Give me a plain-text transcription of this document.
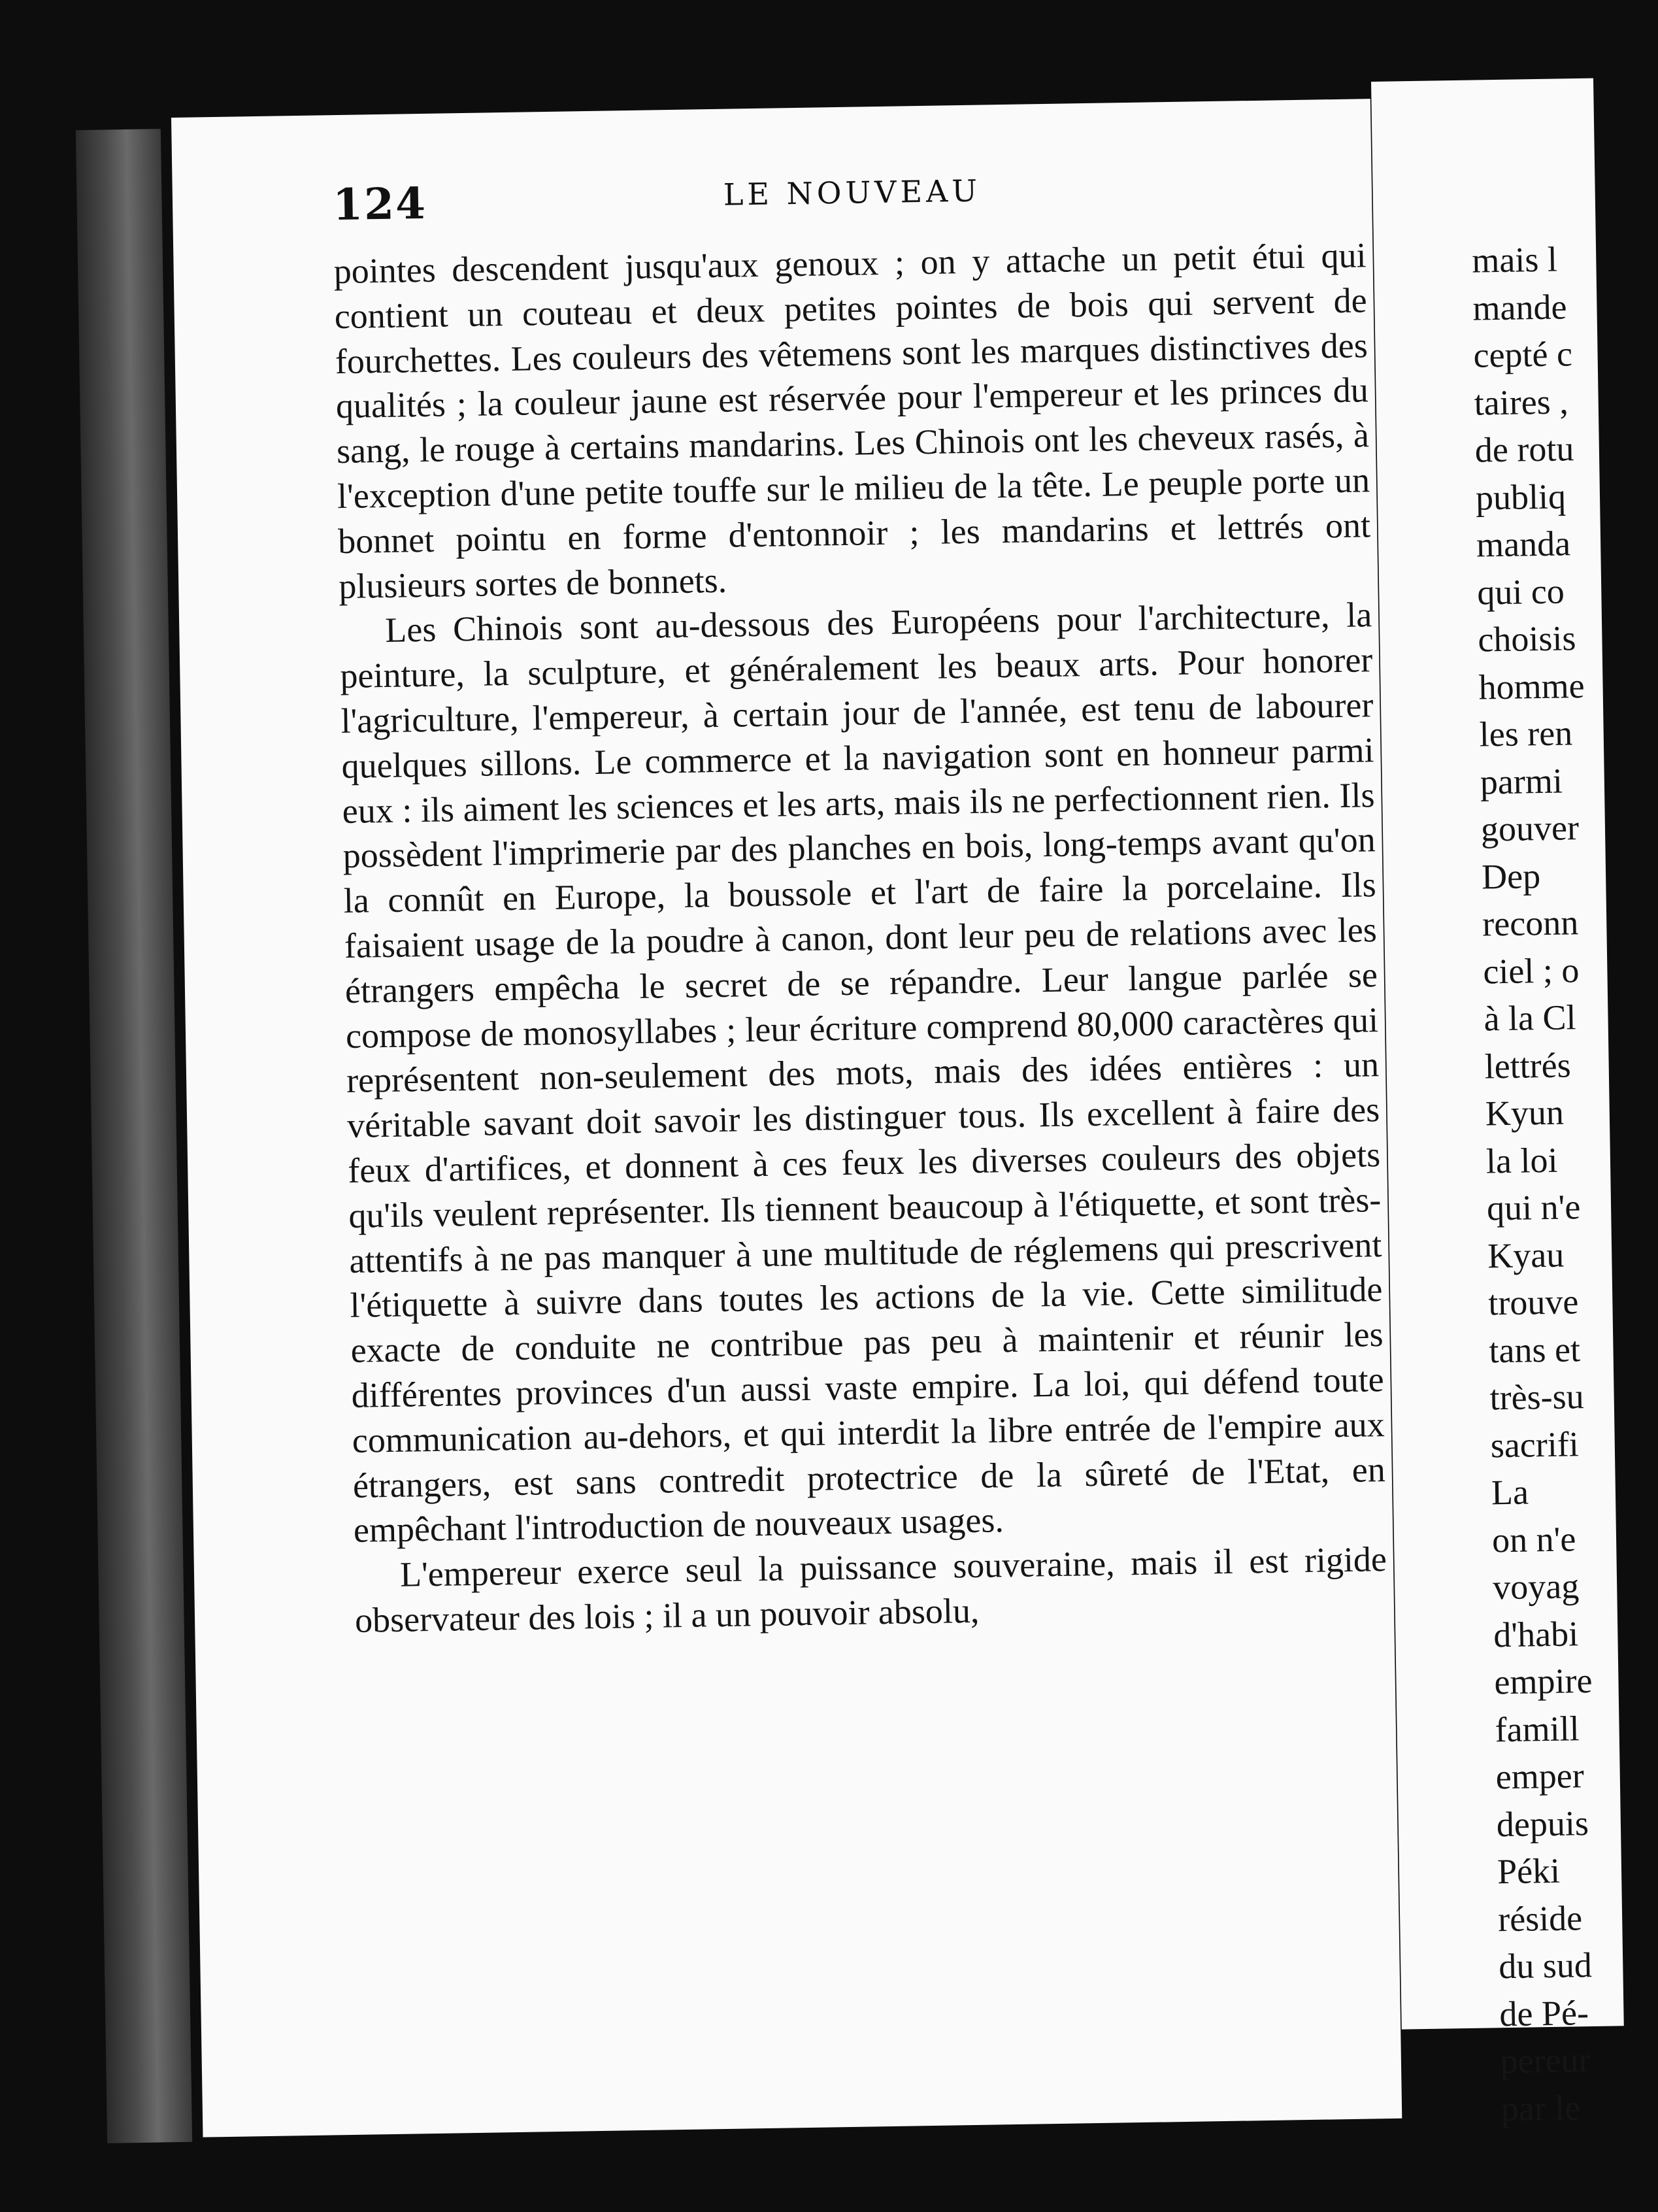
124	LE NOUVEAU

pointes descendent jusqu'aux genoux ; on y attache un petit étui qui contient un couteau et deux petites pointes de bois qui servent de fourchettes. Les couleurs des vêtemens sont les marques distinctives des qualités ; la couleur jaune est réservée pour l'empereur et les princes du sang, le rouge à certains mandarins. Les Chinois ont les cheveux rasés, à l'exception d'une petite touffe sur le milieu de la tête. Le peuple porte un bonnet pointu en forme d'entonnoir ; les mandarins et lettrés ont plusieurs sortes de bonnets.

Les Chinois sont au-dessous des Européens pour l'architecture, la peinture, la sculpture, et généralement les beaux arts. Pour honorer l'agriculture, l'empereur, à certain jour de l'année, est tenu de labourer quelques sillons. Le commerce et la navigation sont en honneur parmi eux : ils aiment les sciences et les arts, mais ils ne perfectionnent rien. Ils possèdent l'imprimerie par des planches en bois, long-temps avant qu'on la connût en Europe, la boussole et l'art de faire la porcelaine. Ils faisaient usage de la poudre à canon, dont leur peu de relations avec les étrangers empêcha le secret de se répandre. Leur langue parlée se compose de monosyllabes ; leur écriture comprend 80,000 caractères qui représentent non-seulement des mots, mais des idées entières : un véritable savant doit savoir les distinguer tous. Ils excellent à faire des feux d'artifices, et donnent à ces feux les diverses couleurs des objets qu'ils veulent représenter. Ils tiennent beaucoup à l'étiquette, et sont très-attentifs à ne pas manquer à une multitude de réglemens qui prescrivent l'étiquette à suivre dans toutes les actions de la vie. Cette similitude exacte de conduite ne contribue pas peu à maintenir et réunir les différentes provinces d'un aussi vaste empire. La loi, qui défend toute communication au-dehors, et qui interdit la libre entrée de l'empire aux étrangers, est sans contredit protectrice de la sûreté de l'Etat, en empêchant l'introduction de nouveaux usages.

L'empereur exerce seul la puissance souveraine, mais il est rigide observateur des lois ; il a un pouvoir absolu,

mais l
mande
cepté c
taires ,
de rotu
publiq
manda
qui co
choisis
homme
les ren
parmi
gouver
Dep
reconn
ciel ; o
à la Cl
lettrés
Kyun
la loi
qui n'e
Kyau
trouve
tans et
très-su
sacrifi
La
on n'e
voyag
d'habi
empire
famill
emper
depuis
Péki
réside
du sud
de Pé-
pereur
par le
